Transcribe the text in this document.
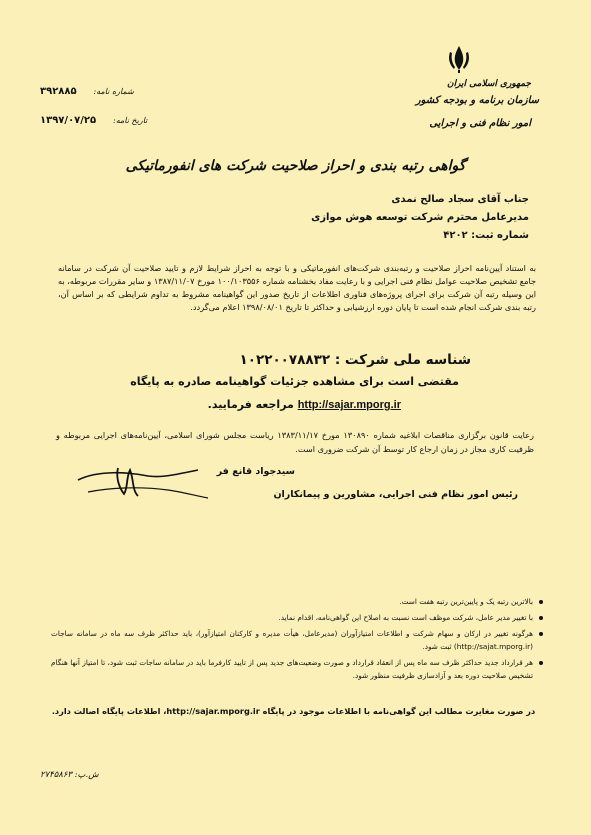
جمهوری اسلامی ایران
سازمان برنامه و بودجه کشور
امور نظام فنی و اجرایی
شماره نامه: ۳۹۲۸۸۵
تاریخ نامه: ۱۳۹۷/۰۷/۲۵
گواهی رتبه بندی و احراز صلاحیت شرکت های انفورماتیکی
جناب آقای سجاد صالح نمدی
مدیرعامل محترم شرکت توسعه هوش موازی
شماره ثبت: ۴۲۰۲
به استناد آیین‌نامه احراز صلاحیت و رتبه‌بندی شرکت‌های انفورماتیکی و با توجه به احراز شرایط لازم و تایید صلاحیت آن شرکت در سامانه جامع تشخیص صلاحیت عوامل نظام فنی اجرایی و با رعایت مفاد بخشنامه شماره ۱۰۰/۱۰۳۵۵۶ مورخ ۱۳۸۷/۱۱/۰۷ و سایر مقررات مربوطه، به این وسیله رتبه آن شرکت برای اجرای پروژه‌های فناوری اطلاعات از تاریخ صدور این گواهینامه مشروط به تداوم شرایطی که بر اساس آن، رتبه بندی شرکت انجام شده است تا پایان دوره ارزشیابی و حداکثر تا تاریخ ۱۳۹۸/۰۸/۰۱ اعلام می‌گردد.
شناسه ملی شرکت : ۱۰۲۲۰۰۷۸۸۳۲
مقتضی است برای مشاهده جزئیات گواهینامه صادره به پایگاه
http://sajar.mporg.ir مراجعه فرمایید.
رعایت قانون برگزاری مناقصات ابلاغیه شماره ۱۳۰۸۹۰ مورخ ۱۳۸۳/۱۱/۱۷ ریاست مجلس شورای اسلامی، آیین‌نامه‌های اجرایی مربوطه و ظرفیت کاری مجاز در زمان ارجاع کار توسط آن شرکت ضروری است.
سیدجواد قانع فر
رئیس امور نظام فنی اجرایی، مشاورین و پیمانکاران
بالاترین رتبه یک و پایین‌ترین رتبه هفت است.
با تغییر مدیر عامل، شرکت موظف است نسبت به اصلاح این گواهی‌نامه، اقدام نماید.
هرگونه تغییر در ارکان و سهام شرکت و اطلاعات امتیازآوران (مدیرعامل، هیأت مدیره و کارکنان امتیازآور)، باید حداکثر ظرف سه ماه در سامانه ساجات (http://sajat.mporg.ir) ثبت شود.
هر قرارداد جدید حداکثر ظرف سه ماه پس از انعقاد قرارداد و صورت وضعیت‌های جدید پس از تایید کارفرما باید در سامانه ساجات ثبت شود، تا امتیاز آنها هنگام تشخیص صلاحیت دوره بعد و آزادسازی ظرفیت منظور شود.
در صورت مغایرت مطالب این گواهی‌نامه با اطلاعات موجود در پایگاه http://sajar.mporg.ir، اطلاعات پایگاه اصالت دارد.
ش.پ: ۲۷۴۵۸۶۳
